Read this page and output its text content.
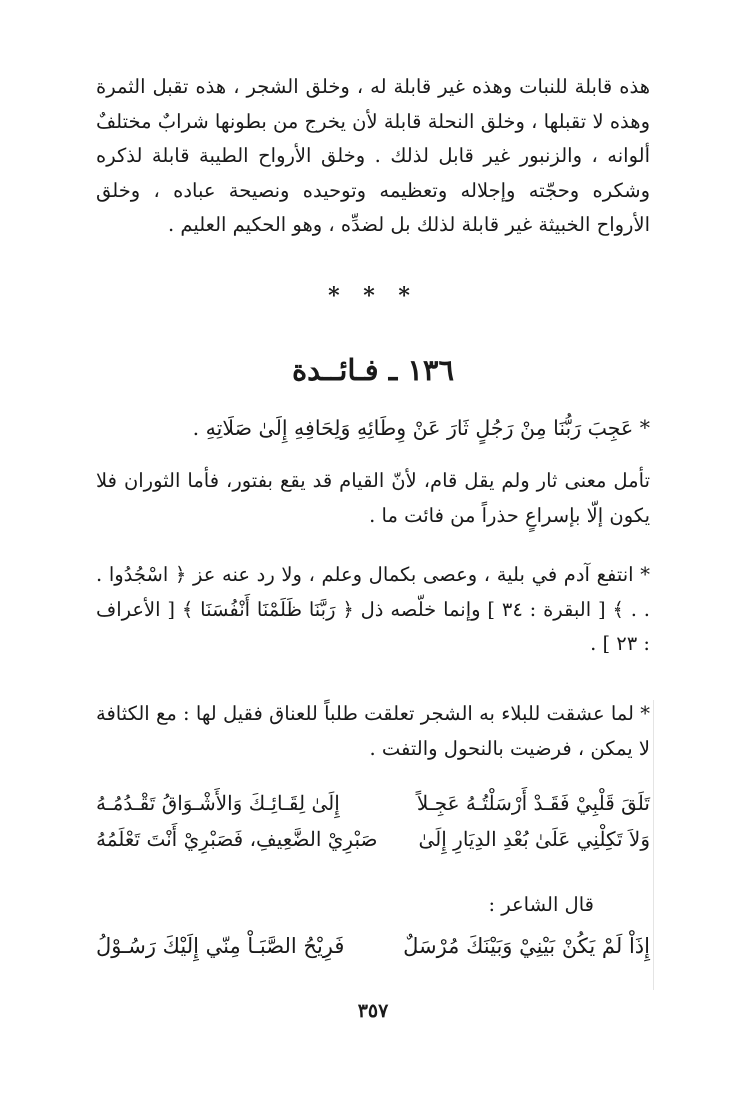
هذه قابلة للنبات وهذه غير قابلة له ، وخلق الشجر ، هذه تقبل الثمرة وهذه لا تقبلها ، وخلق النحلة قابلة لأن يخرج من بطونها شرابٌ مختلفٌ ألوانه ، والزنبور غير قابل لذلك . وخلق الأرواح الطيبة قابلة لذكره وشكره وحجّته وإجلاله وتعظيمه وتوحيده ونصيحة عباده ، وخلق الأرواح الخبيثة غير قابلة لذلك بل لضدِّه ، وهو الحكيم العليم .

* * *
١٣٦ ـ فـائــدة

* عَجِبَ رَبُّنَا مِنْ رَجُلٍ ثَارَ عَنْ وِطَائِهِ وَلِحَافِهِ إِلَىٰ صَلَاتِهِ .

تأمل معنى ثار ولم يقل قام، لأنّ القيام قد يقع بفتور، فأما الثوران فلا يكون إلّا بإسراعٍ حذراً من فائت ما .

* انتفع آدم في بلية ، وعصى بكمال وعلم ، ولا رد عنه عز ﴿ اسْجُدُوا . . . ﴾ [ البقرة : ٣٤ ] وإنما خلّصه ذل ﴿ رَبَّنَا ظَلَمْنَا أَنْفُسَنَا ﴾ [ الأعراف : ٢٣ ] .

* لما عشقت للبلاء به الشجر تعلقت طلباً للعناق فقيل لها : مع الكثافة لا يمكن ، فرضيت بالنحول والتفت .

تَلَقَ قَلْبِيْ فَقَـدْ أَرْسَلْتُـهُ عَجِـلاً
إِلَىٰ لِقَـائِـكَ وَالأَشْـوَاقُ تَقْـدُمُـهُ
وَلاَ تَكِلْنِي عَلَىٰ بُعْدِ الدِيَارِ إِلَىٰ
صَبْرِيْ الضَّعِيفِ، فَصَبْرِيْ أَنْتَ تَعْلَمُهُ

قال الشاعر :

إِذَاْ لَمْ يَكُنْ بَيْنِيْ وَبَيْنَكَ مُرْسَلٌ
فَرِيْحُ الصَّبَـاْ مِنّي إِلَيْكَ رَسُـوْلُ
٣٥٧
